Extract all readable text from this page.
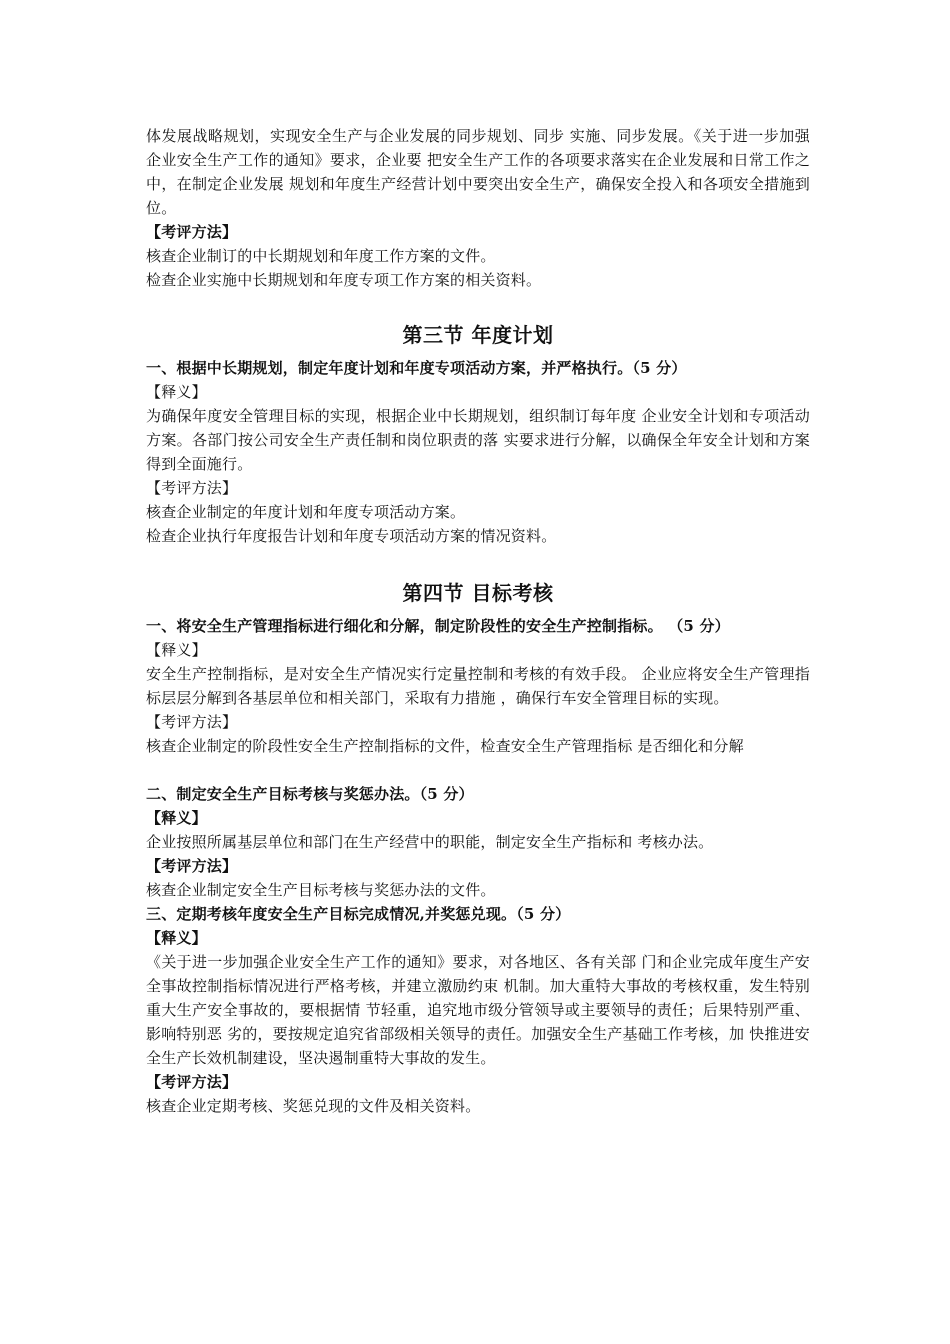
体发展战略规划，实现安全生产与企业发展的同步规划、同步 实施、同步发展。《关于进一步加强企业安全生产工作的通知》要求，企业要 把安全生产工作的各项要求落实在企业发展和日常工作之中，在制定企业发展 规划和年度生产经营计划中要突出安全生产，确保安全投入和各项安全措施到 位。

【考评方法】

核查企业制订的中长期规划和年度工作方案的文件。

检查企业实施中长期规划和年度专项工作方案的相关资料。

第三节 年度计划

一、根据中长期规划，制定年度计划和年度专项活动方案，并严格执行。（5 分）

【释义】

为确保年度安全管理目标的实现，根据企业中长期规划，组织制订每年度 企业安全计划和专项活动方案。各部门按公司安全生产责任制和岗位职责的落 实要求进行分解，以确保全年安全计划和方案得到全面施行。

【考评方法】

核查企业制定的年度计划和年度专项活动方案。

检查企业执行年度报告计划和年度专项活动方案的情况资料。

第四节 目标考核

一、将安全生产管理指标进行细化和分解，制定阶段性的安全生产控制指标。 （5 分）

【释义】

安全生产控制指标，是对安全生产情况实行定量控制和考核的有效手段。 企业应将安全生产管理指标层层分解到各基层单位和相关部门，采取有力措施 ，确保行车安全管理目标的实现。

【考评方法】

核查企业制定的阶段性安全生产控制指标的文件，检查安全生产管理指标 是否细化和分解

二、制定安全生产目标考核与奖惩办法。（5 分）

【释义】

企业按照所属基层单位和部门在生产经营中的职能，制定安全生产指标和 考核办法。

【考评方法】

核查企业制定安全生产目标考核与奖惩办法的文件。

三、定期考核年度安全生产目标完成情况,并奖惩兑现。（5 分）

【释义】

《关于进一步加强企业安全生产工作的通知》要求，对各地区、各有关部 门和企业完成年度生产安全事故控制指标情况进行严格考核，并建立激励约束 机制。加大重特大事故的考核权重，发生特别重大生产安全事故的，要根据情 节轻重，追究地市级分管领导或主要领导的责任；后果特别严重、影响特别恶 劣的，要按规定追究省部级相关领导的责任。加强安全生产基础工作考核，加 快推进安全生产长效机制建设，坚决遏制重特大事故的发生。

【考评方法】

核查企业定期考核、奖惩兑现的文件及相关资料。
